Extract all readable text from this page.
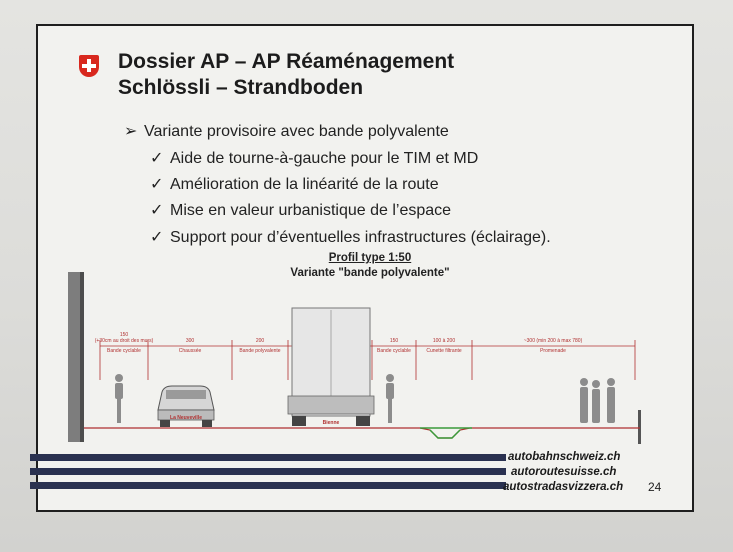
Dossier AP – AP Réaménagement
Schlössli – Strandboden
➢ Variante provisoire avec bande polyvalente
✓ Aide de tourne-à-gauche pour le TIM et MD
✓ Amélioration de la linéarité de la route
✓ Mise en valeur urbanistique de l’espace
✓ Support pour d’éventuelles infrastructures (éclairage).
Profil type 1:50
Variante "bande polyvalente"
150
(+30cm au droit des murs)	300	200	150	100 à 200	~300 (min 200 à max 780)
Bande cyclable	Chaussée	Bande polyvalente	Bande cyclable	Cunette filtrante	Promenade
Bienne
La Neuveville
autobahnschweiz.ch
autoroutesuisse.ch
autostradasvizzera.ch 24
